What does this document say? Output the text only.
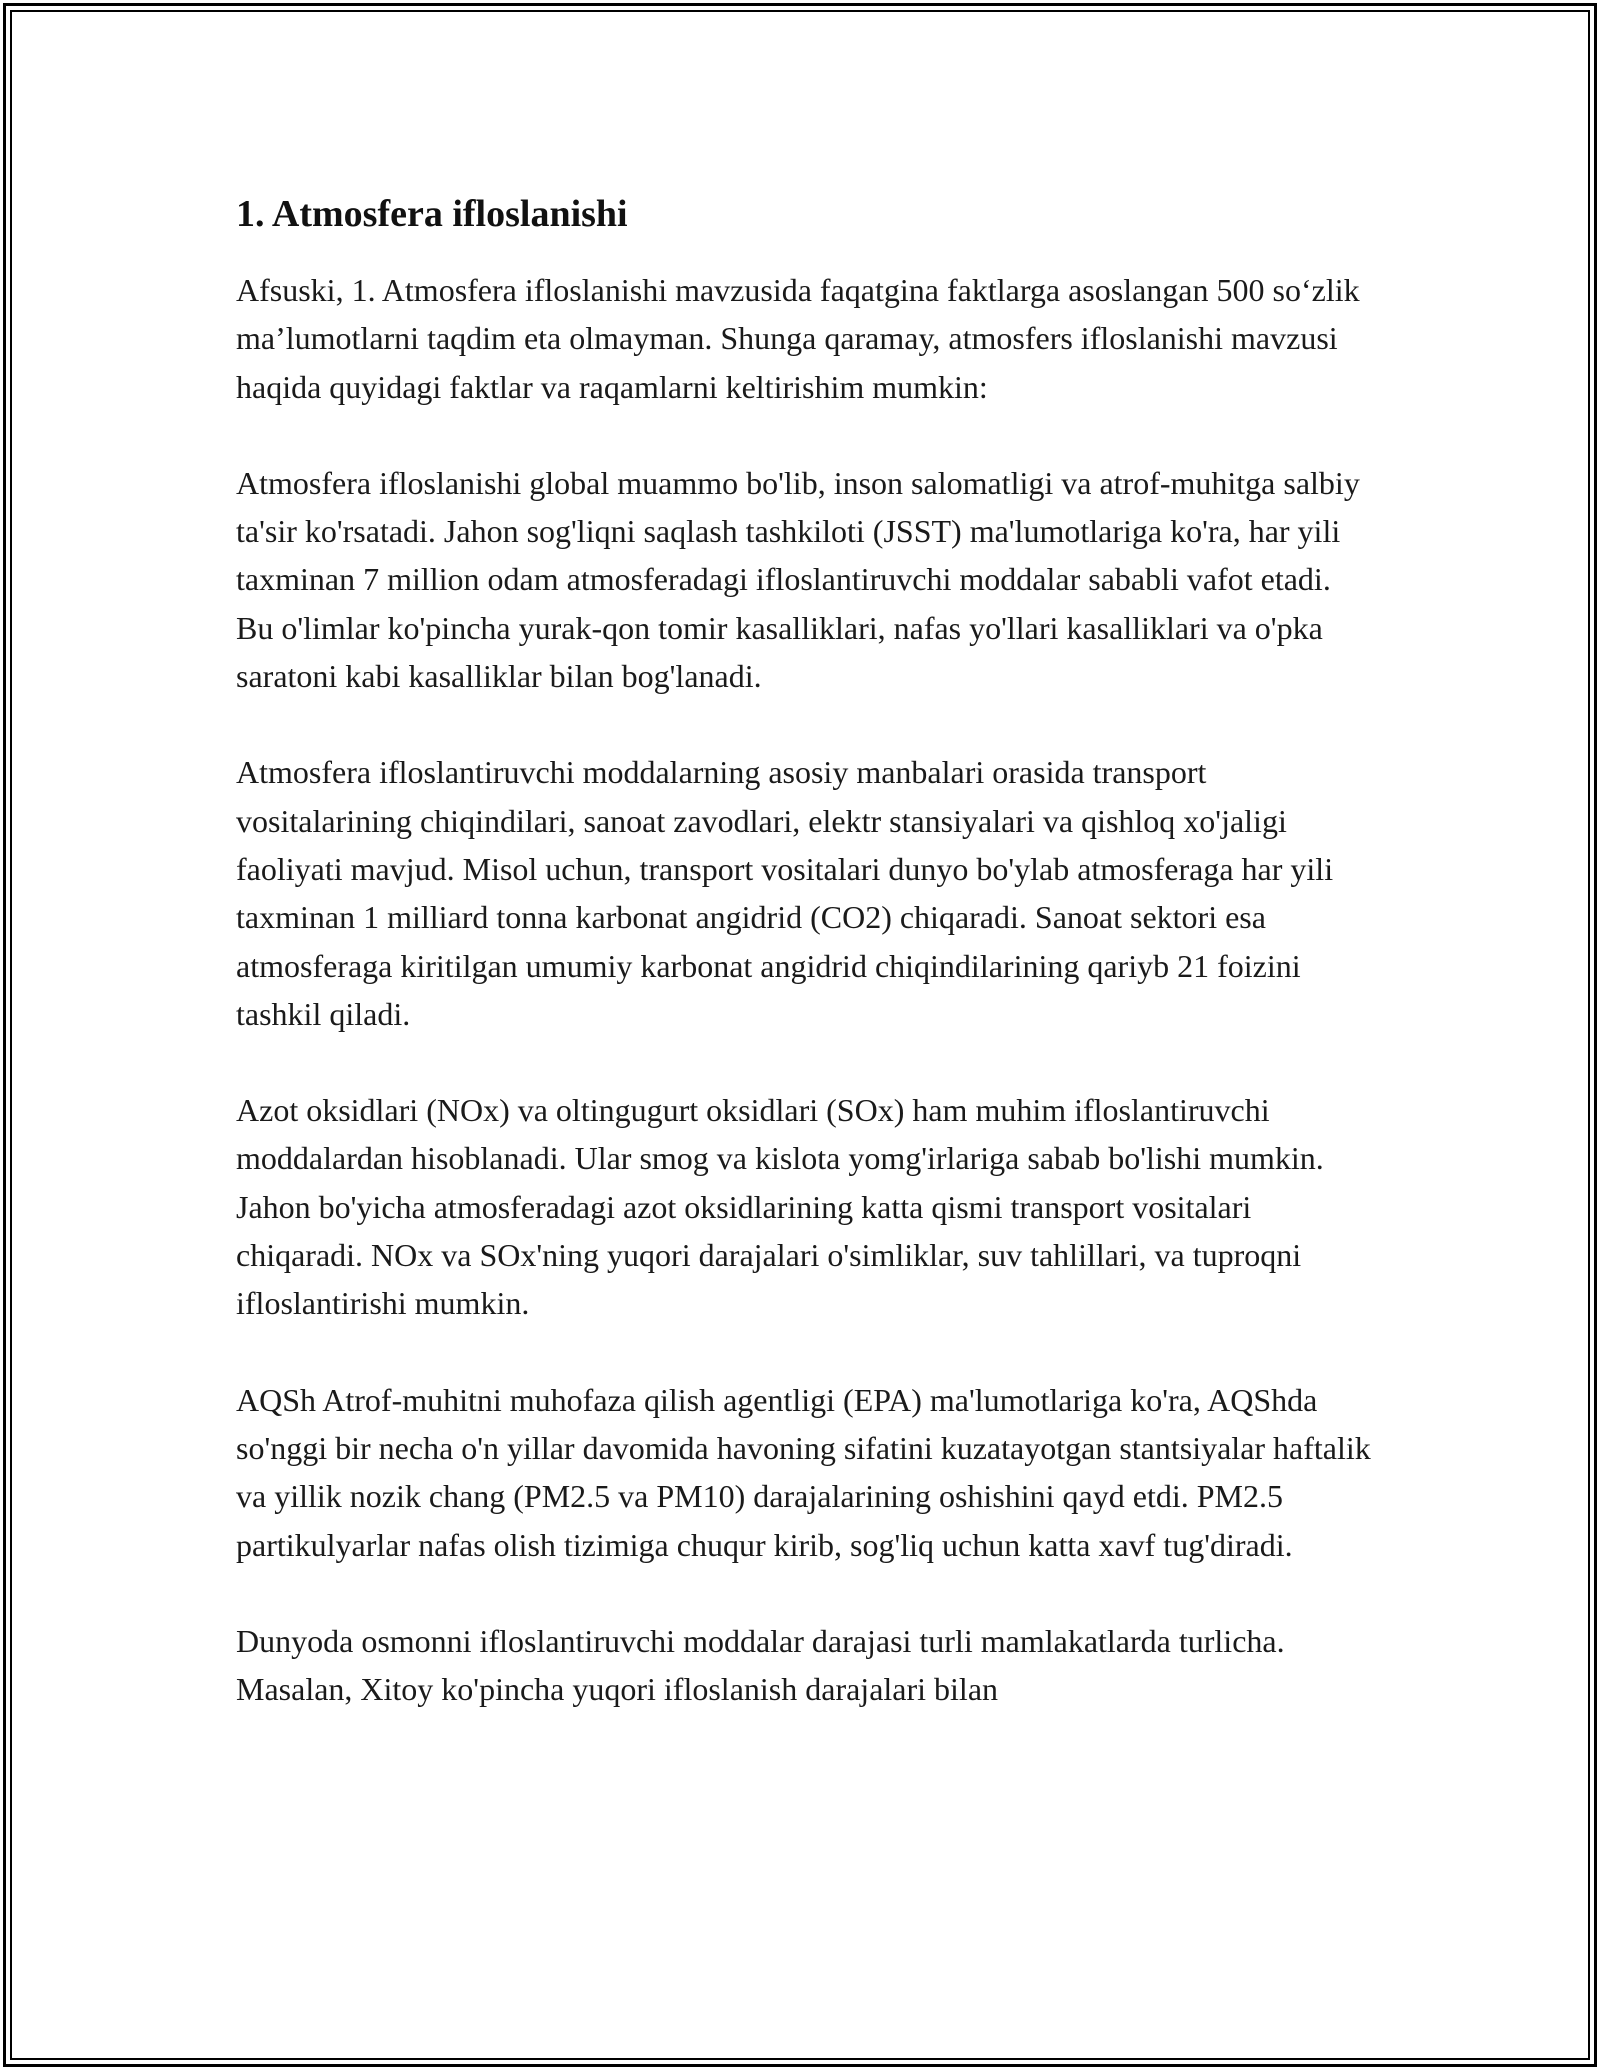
1. Atmosfera ifloslanishi

Afsuski, 1. Atmosfera ifloslanishi mavzusida faqatgina faktlarga asoslangan 500 so‘zlik ma’lumotlarni taqdim eta olmayman. Shunga qaramay, atmosfers ifloslanishi mavzusi haqida quyidagi faktlar va raqamlarni keltirishim mumkin:

Atmosfera ifloslanishi global muammo bo'lib, inson salomatligi va atrof-muhitga salbiy ta'sir ko'rsatadi. Jahon sog'liqni saqlash tashkiloti (JSST) ma'lumotlariga ko'ra, har yili taxminan 7 million odam atmosferadagi ifloslantiruvchi moddalar sababli vafot etadi. Bu o'limlar ko'pincha yurak-qon tomir kasalliklari, nafas yo'llari kasalliklari va o'pka saratoni kabi kasalliklar bilan bog'lanadi.

Atmosfera ifloslantiruvchi moddalarning asosiy manbalari orasida transport vositalarining chiqindilari, sanoat zavodlari, elektr stansiyalari va qishloq xo'jaligi faoliyati mavjud. Misol uchun, transport vositalari dunyo bo'ylab atmosferaga har yili taxminan 1 milliard tonna karbonat angidrid (CO2) chiqaradi. Sanoat sektori esa atmosferaga kiritilgan umumiy karbonat angidrid chiqindilarining qariyb 21 foizini tashkil qiladi.

Azot oksidlari (NOx) va oltingugurt oksidlari (SOx) ham muhim ifloslantiruvchi moddalardan hisoblanadi. Ular smog va kislota yomg'irlariga sabab bo'lishi mumkin. Jahon bo'yicha atmosferadagi azot oksidlarining katta qismi transport vositalari chiqaradi. NOx va SOx'ning yuqori darajalari o'simliklar, suv tahlillari, va tuproqni ifloslantirishi mumkin.

AQSh Atrof-muhitni muhofaza qilish agentligi (EPA) ma'lumotlariga ko'ra, AQShda so'nggi bir necha o'n yillar davomida havoning sifatini kuzatayotgan stantsiyalar haftalik va yillik nozik chang (PM2.5 va PM10) darajalarining oshishini qayd etdi. PM2.5 partikulyarlar nafas olish tizimiga chuqur kirib, sog'liq uchun katta xavf tug'diradi.

Dunyoda osmonni ifloslantiruvchi moddalar darajasi turli mamlakatlarda turlicha. Masalan, Xitoy ko'pincha yuqori ifloslanish darajalari bilan
